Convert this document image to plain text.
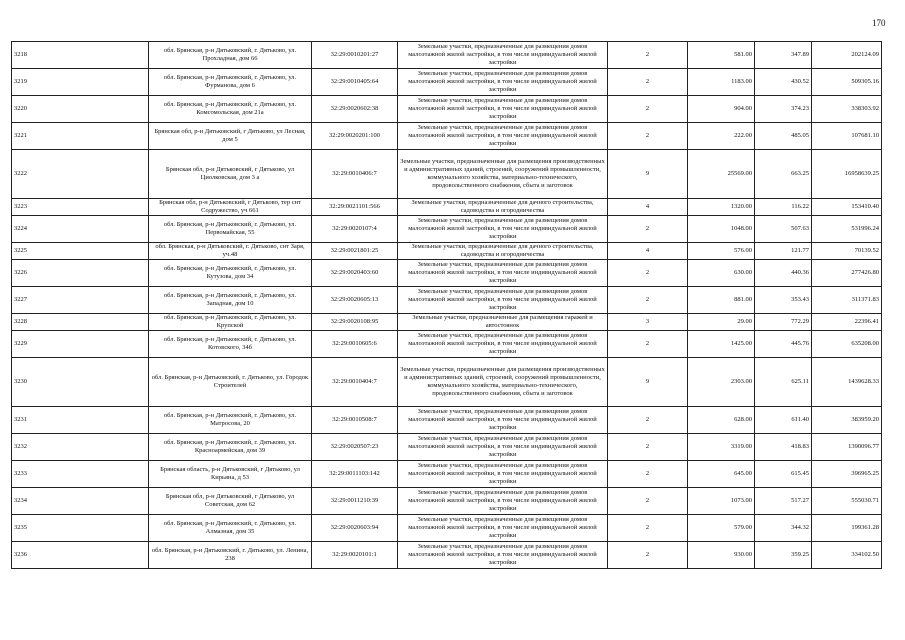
170
3218	обл. Брянская, р-н Дятьковский, г. Дятьково, ул. Прохладная, дом 66	32:29:0010201:27	Земельные участки, предназначенные для размещения домов малоэтажной жилой застройки, в том числе индивидуальной жилой застройки	2	581.00	347.89	202124.09
3219	обл. Брянская, р-н Дятьковский, г. Дятьково, ул. Фурманова, дом 6	32:29:0010405:64	Земельные участки, предназначенные для размещения домов малоэтажной жилой застройки, в том числе индивидуальной жилой застройки	2	1183.00	430.52	509305.16
3220	обл. Брянская, р-н Дятьковский, г. Дятьково, ул. Комсомольская, дом 21а	32:29:0020602:38	Земельные участки, предназначенные для размещения домов малоэтажной жилой застройки, в том числе индивидуальной жилой застройки	2	904.00	374.23	338303.92
3221	Брянская обл, р-н Дятьковский, г Дятьково, ул Лесная, дом 5	32:29:0020201:100	Земельные участки, предназначенные для размещения домов малоэтажной жилой застройки, в том числе индивидуальной жилой застройки	2	222.00	485.05	107681.10
3222	Брянская обл, р-н Дятьковский, г Дятьково, ул Циолковская, дом 3 а	32:29:0010406:7	Земельные участки, предназначенные для размещения производственных и административных зданий, строений, сооружений промышленности, коммунального хозяйства, материально-технического, продовольственного снабжения, сбыта и заготовок	9	25569.00	663.25	16958639.25
3223	Брянская обл, р-н Дятьковский, г Дятьково, тер снт Содружество, уч 661	32:29:0021101:566	Земельные участки, предназначенные для дачного строительства, садоводства и огородничества	4	1320.00	116.22	153410.40
3224	обл. Брянская, р-н Дятьковский, г. Дятьково, ул. Первомайская, 55	32:29:0020107:4	Земельные участки, предназначенные для размещения домов малоэтажной жилой застройки, в том числе индивидуальной жилой застройки	2	1048.00	507.63	531996.24
3225	обл. Брянская, р-н Дятьковский, г. Дятьково, снт Заря, уч.48	32:29:0021801:25	Земельные участки, предназначенные для дачного строительства, садоводства и огородничества	4	576.00	121.77	70139.52
3226	обл. Брянская, р-н Дятьковский, г. Дятьково, ул. Кутузова, дом 34	32:29:0020403:60	Земельные участки, предназначенные для размещения домов малоэтажной жилой застройки, в том числе индивидуальной жилой застройки	2	630.00	440.36	277426.80
3227	обл. Брянская, р-н Дятьковский, г. Дятьково, ул. Западная, дом 10	32:29:0020605:13	Земельные участки, предназначенные для размещения домов малоэтажной жилой застройки, в том числе индивидуальной жилой застройки	2	881.00	353.43	311371.83
3228	обл. Брянская, р-н Дятьковский, г. Дятьково, ул. Крупской	32:29:0020108:95	Земельные участки, предназначенные для размещения гаражей и автостоянок	3	29.00	772.29	22396.41
3229	обл. Брянская, р-н Дятьковский, г. Дятьково, ул. Котовского, 34б	32:29:0010605:6	Земельные участки, предназначенные для размещения домов малоэтажной жилой застройки, в том числе индивидуальной жилой застройки	2	1425.00	445.76	635208.00
3230	обл. Брянская, р-н Дятьковский, г. Дятьково, ул. Городок Строителей	32:29:0010404:7	Земельные участки, предназначенные для размещения производственных и административных зданий, строений, сооружений промышленности, коммунального хозяйства, материально-технического, продовольственного снабжения, сбыта и заготовок	9	2303.00	625.11	1439628.33
3231	обл. Брянская, р-н Дятьковский, г. Дятьково, ул. Матросова, 20	32:29:0010508:7	Земельные участки, предназначенные для размещения домов малоэтажной жилой застройки, в том числе индивидуальной жилой застройки	2	628.00	611.40	383959.20
3232	обл. Брянская, р-н Дятьковский, г. Дятьково, ул. Красноармейская, дом 39	32:29:0020507:23	Земельные участки, предназначенные для размещения домов малоэтажной жилой застройки, в том числе индивидуальной жилой застройки	2	3319.00	418.83	1390096.77
3233	Брянская область, р-н Дятьковский, г Дятьково, ул Кирьяна, д 53	32:29:0011103:142	Земельные участки, предназначенные для размещения домов малоэтажной жилой застройки, в том числе индивидуальной жилой застройки	2	645.00	615.45	396965.25
3234	Брянская обл, р-н Дятьковский, г Дятьково, ул Советская, дом 62	32:29:0011210:39	Земельные участки, предназначенные для размещения домов малоэтажной жилой застройки, в том числе индивидуальной жилой застройки	2	1073.00	517.27	555030.71
3235	обл. Брянская, р-н Дятьковский, г. Дятьково, ул. Алмазная, дом 35	32:29:0020603:94	Земельные участки, предназначенные для размещения домов малоэтажной жилой застройки, в том числе индивидуальной жилой застройки	2	579.00	344.32	199361.28
3236	обл. Брянская, р-н Дятьковский, г. Дятьково, ул. Ленина, 238	32:29:0020101:1	Земельные участки, предназначенные для размещения домов малоэтажной жилой застройки, в том числе индивидуальной жилой застройки	2	930.00	359.25	334102.50
